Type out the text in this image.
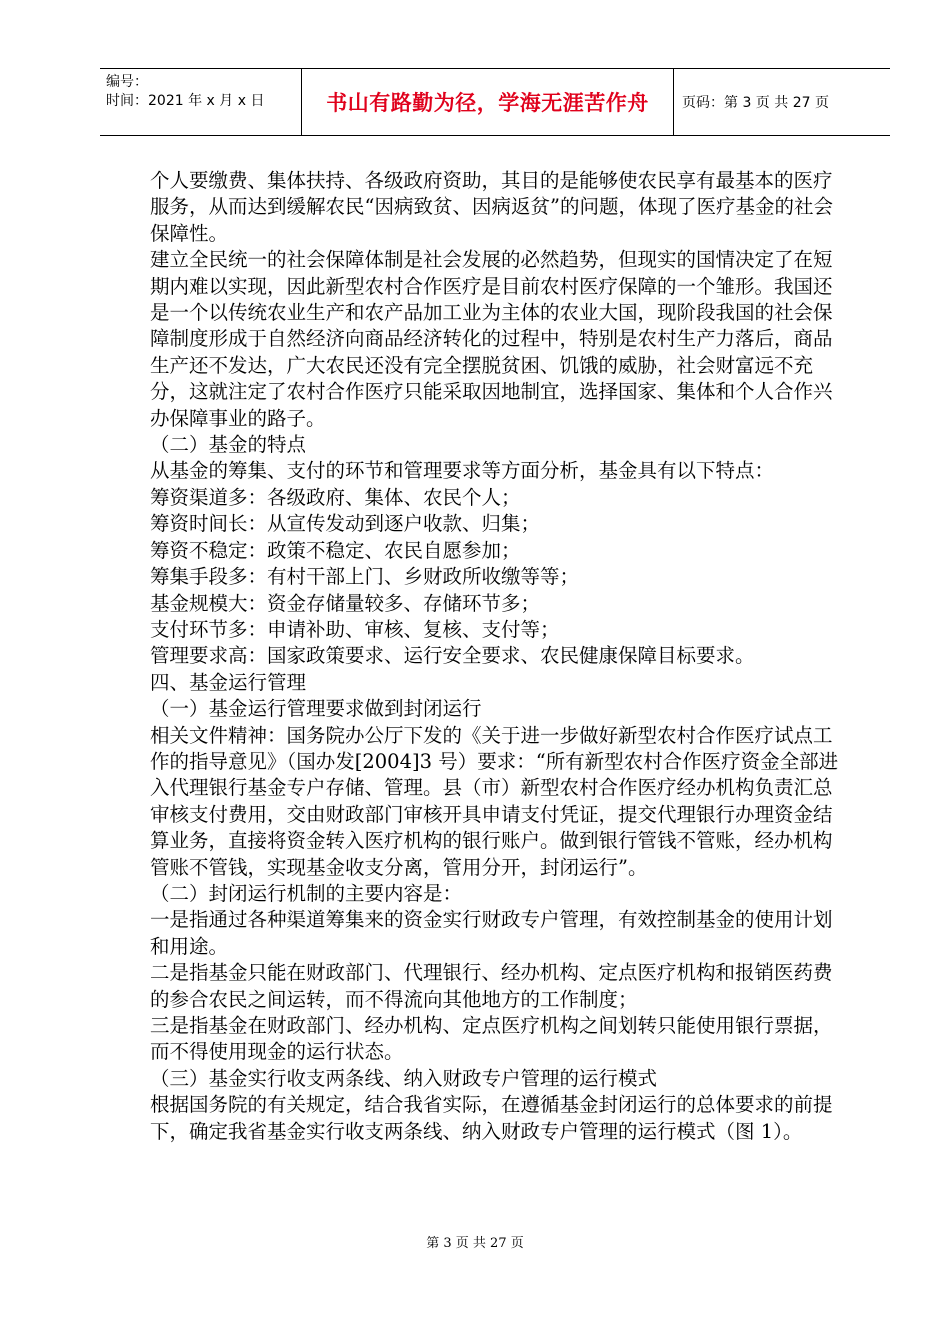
编号：
时间：2021 年 x 月 x 日	书山有路勤为径，学海无涯苦作舟 页码：第 3 页 共 27 页

个人要缴费、集体扶持、各级政府资助，其目的是能够使农民享有最基本的医疗服务，从而达到缓解农民“因病致贫、因病返贫”的问题，体现了医疗基金的社会保障性。

建立全民统一的社会保障体制是社会发展的必然趋势，但现实的国情决定了在短期内难以实现，因此新型农村合作医疗是目前农村医疗保障的一个雏形。我国还是一个以传统农业生产和农产品加工业为主体的农业大国，现阶段我国的社会保障制度形成于自然经济向商品经济转化的过程中，特别是农村生产力落后，商品生产还不发达，广大农民还没有完全摆脱贫困、饥饿的威胁，社会财富远不充分，这就注定了农村合作医疗只能采取因地制宜，选择国家、集体和个人合作兴办保障事业的路子。

（二）基金的特点

从基金的筹集、支付的环节和管理要求等方面分析，基金具有以下特点：

筹资渠道多：各级政府、集体、农民个人；

筹资时间长：从宣传发动到逐户收款、归集；

筹资不稳定：政策不稳定、农民自愿参加；

筹集手段多：有村干部上门、乡财政所收缴等等；

基金规模大：资金存储量较多、存储环节多；

支付环节多：申请补助、审核、复核、支付等；

管理要求高：国家政策要求、运行安全要求、农民健康保障目标要求。

四、基金运行管理

（一）基金运行管理要求做到封闭运行

相关文件精神：国务院办公厅下发的《关于进一步做好新型农村合作医疗试点工作的指导意见》（国办发[2004]3 号）要求：“所有新型农村合作医疗资金全部进入代理银行基金专户存储、管理。县（市）新型农村合作医疗经办机构负责汇总审核支付费用，交由财政部门审核开具申请支付凭证，提交代理银行办理资金结算业务，直接将资金转入医疗机构的银行账户。做到银行管钱不管账，经办机构管账不管钱，实现基金收支分离，管用分开，封闭运行”。

（二）封闭运行机制的主要内容是：

一是指通过各种渠道筹集来的资金实行财政专户管理，有效控制基金的使用计划和用途。

二是指基金只能在财政部门、代理银行、经办机构、定点医疗机构和报销医药费的参合农民之间运转，而不得流向其他地方的工作制度；

三是指基金在财政部门、经办机构、定点医疗机构之间划转只能使用银行票据，而不得使用现金的运行状态。

（三）基金实行收支两条线、纳入财政专户管理的运行模式

根据国务院的有关规定，结合我省实际，在遵循基金封闭运行的总体要求的前提下，确定我省基金实行收支两条线、纳入财政专户管理的运行模式（图 1）。

第 3 页 共 27 页
